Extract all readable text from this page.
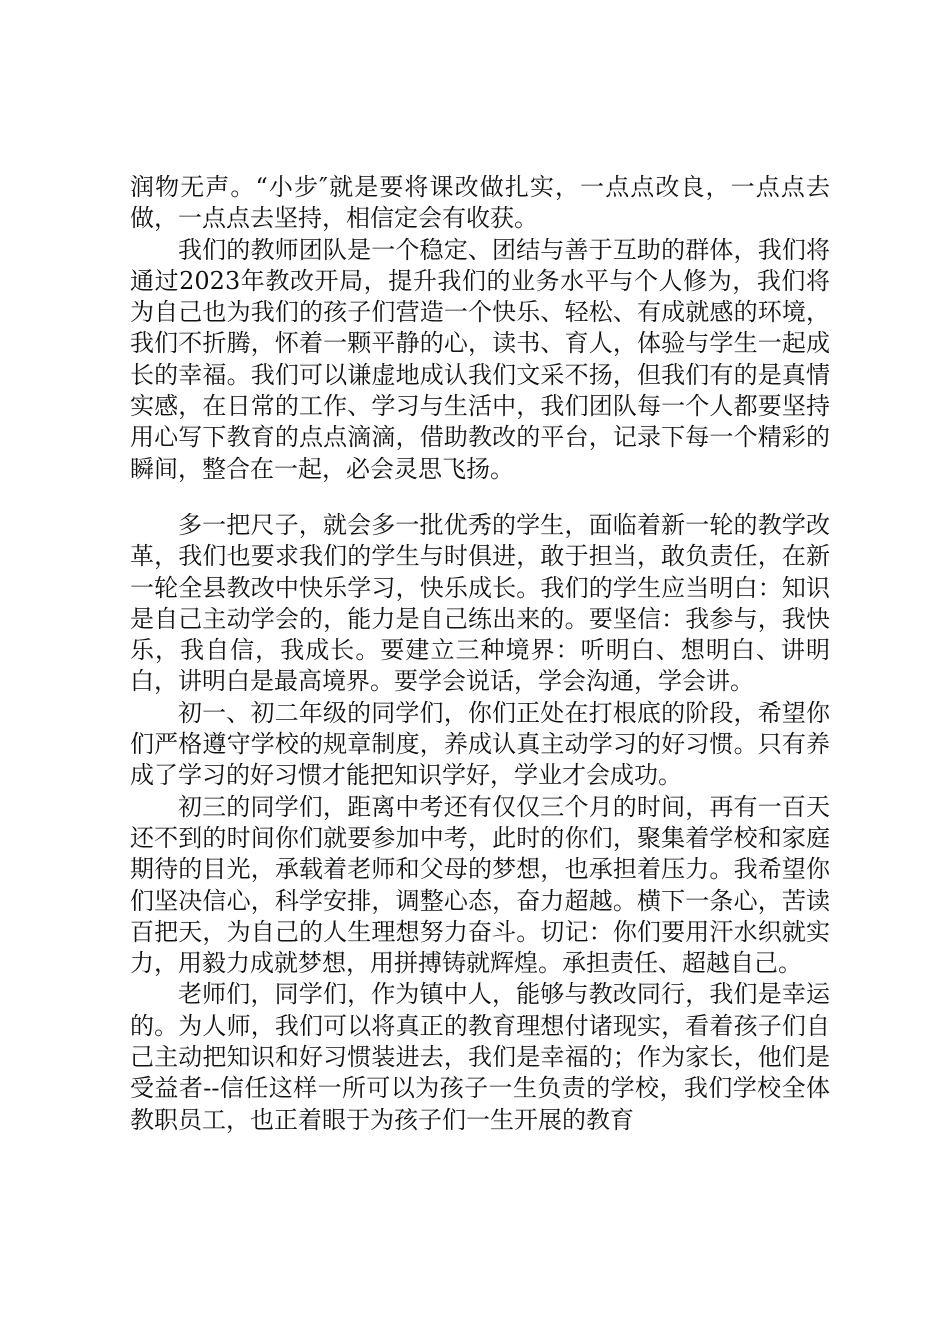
润物无声。“小步″就是要将课改做扎实，一点点改良，一点点去做，一点点去坚持，相信定会有收获。

我们的教师团队是一个稳定、团结与善于互助的群体，我们将通过2023年教改开局，提升我们的业务水平与个人修为，我们将为自己也为我们的孩子们营造一个快乐、轻松、有成就感的环境，我们不折腾，怀着一颗平静的心，读书、育人，体验与学生一起成长的幸福。我们可以谦虚地成认我们文采不扬，但我们有的是真情实感，在日常的工作、学习与生活中，我们团队每一个人都要坚持用心写下教育的点点滴滴，借助教改的平台，记录下每一个精彩的瞬间，整合在一起，必会灵思飞扬。

多一把尺子，就会多一批优秀的学生，面临着新一轮的教学改革，我们也要求我们的学生与时俱进，敢于担当，敢负责任，在新一轮全县教改中快乐学习，快乐成长。我们的学生应当明白：知识是自己主动学会的，能力是自己练出来的。要坚信：我参与，我快乐，我自信，我成长。要建立三种境界：听明白、想明白、讲明白，讲明白是最高境界。要学会说话，学会沟通，学会讲。

初一、初二年级的同学们，你们正处在打根底的阶段，希望你们严格遵守学校的规章制度，养成认真主动学习的好习惯。只有养成了学习的好习惯才能把知识学好，学业才会成功。

初三的同学们，距离中考还有仅仅三个月的时间，再有一百天还不到的时间你们就要参加中考，此时的你们，聚集着学校和家庭期待的目光，承载着老师和父母的梦想，也承担着压力。我希望你们坚决信心，科学安排，调整心态，奋力超越。横下一条心，苦读百把天，为自己的人生理想努力奋斗。切记：你们要用汗水织就实力，用毅力成就梦想，用拼搏铸就辉煌。承担责任、超越自己。

老师们，同学们，作为镇中人，能够与教改同行，我们是幸运的。为人师，我们可以将真正的教育理想付诸现实，看着孩子们自己主动把知识和好习惯装进去，我们是幸福的；作为家长，他们是受益者--信任这样一所可以为孩子一生负责的学校，我们学校全体教职员工，也正着眼于为孩子们一生开展的教育
